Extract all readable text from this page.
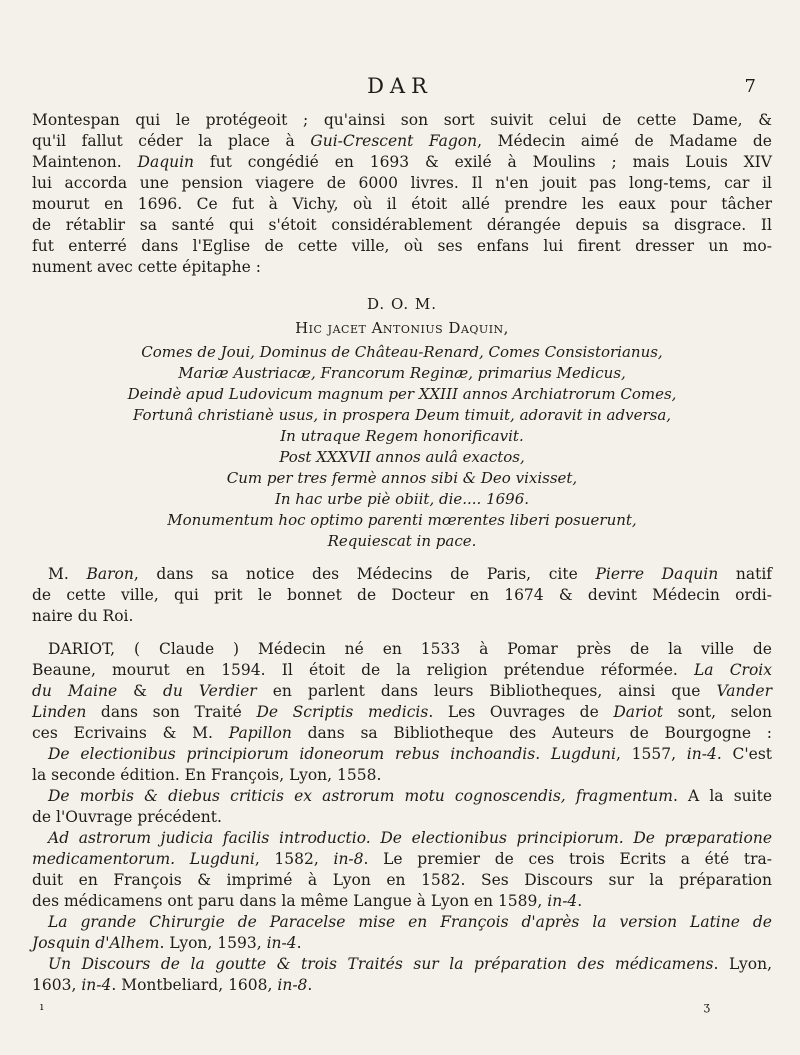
DAR	7
Montespan qui le protégeoit ; qu'ainsi son sort suivit celui de cette Dame, &
qu'il fallut céder la place à Gui-Crescent Fagon, Médecin aimé de Madame de
Maintenon. Daquin fut congédié en 1693 & exilé à Moulins ; mais Louis XIV
lui accorda une pension viagere de 6000 livres. Il n'en jouit pas long-tems, car il
mourut en 1696. Ce fut à Vichy, où il étoit allé prendre les eaux pour tâcher
de rétablir sa santé qui s'étoit considérablement dérangée depuis sa disgrace. Il
fut enterré dans l'Eglise de cette ville, où ses enfans lui firent dresser un mo-
nument avec cette épitaphe :
D. O. M.
Hic jacet Antonius Daquin,
Comes de Joui, Dominus de Château-Renard, Comes Consistorianus,
Mariæ Austriacæ, Francorum Reginæ, primarius Medicus,
Deindè apud Ludovicum magnum per XXIII annos Archiatrorum Comes,
Fortunâ christianè usus, in prospera Deum timuit, adoravit in adversa,
In utraque Regem honorificavit.
Post XXXVII annos aulâ exactos,
Cum per tres fermè annos sibi & Deo vixisset,
In hac urbe piè obiit, die.... 1696.
Monumentum hoc optimo parenti mœrentes liberi posuerunt,
Requiescat in pace.
M. Baron, dans sa notice des Médecins de Paris, cite Pierre Daquin natif
de cette ville, qui prit le bonnet de Docteur en 1674 & devint Médecin ordi-
naire du Roi.
DARIOT, ( Claude ) Médecin né en 1533 à Pomar près de la ville de
Beaune, mourut en 1594. Il étoit de la religion prétendue réformée. La Croix
du Maine & du Verdier en parlent dans leurs Bibliotheques, ainsi que Vander
Linden dans son Traité De Scriptis medicis. Les Ouvrages de Dariot sont, selon
ces Ecrivains & M. Papillon dans sa Bibliotheque des Auteurs de Bourgogne :
De electionibus principiorum idoneorum rebus inchoandis. Lugduni, 1557, in-4. C'est
la seconde édition. En François, Lyon, 1558.
De morbis & diebus criticis ex astrorum motu cognoscendis, fragmentum. A la suite
de l'Ouvrage précédent.
Ad astrorum judicia facilis introductio. De electionibus principiorum. De præparatione
medicamentorum. Lugduni, 1582, in-8. Le premier de ces trois Ecrits a été tra-
duit en François & imprimé à Lyon en 1582. Ses Discours sur la préparation
des médicamens ont paru dans la même Langue à Lyon en 1589, in-4.
La grande Chirurgie de Paracelse mise en François d'après la version Latine de
Josquin d'Alhem. Lyon, 1593, in-4.
Un Discours de la goutte & trois Traités sur la préparation des médicamens. Lyon,
1603, in-4. Montbeliard, 1608, in-8.
ı	ʒ
